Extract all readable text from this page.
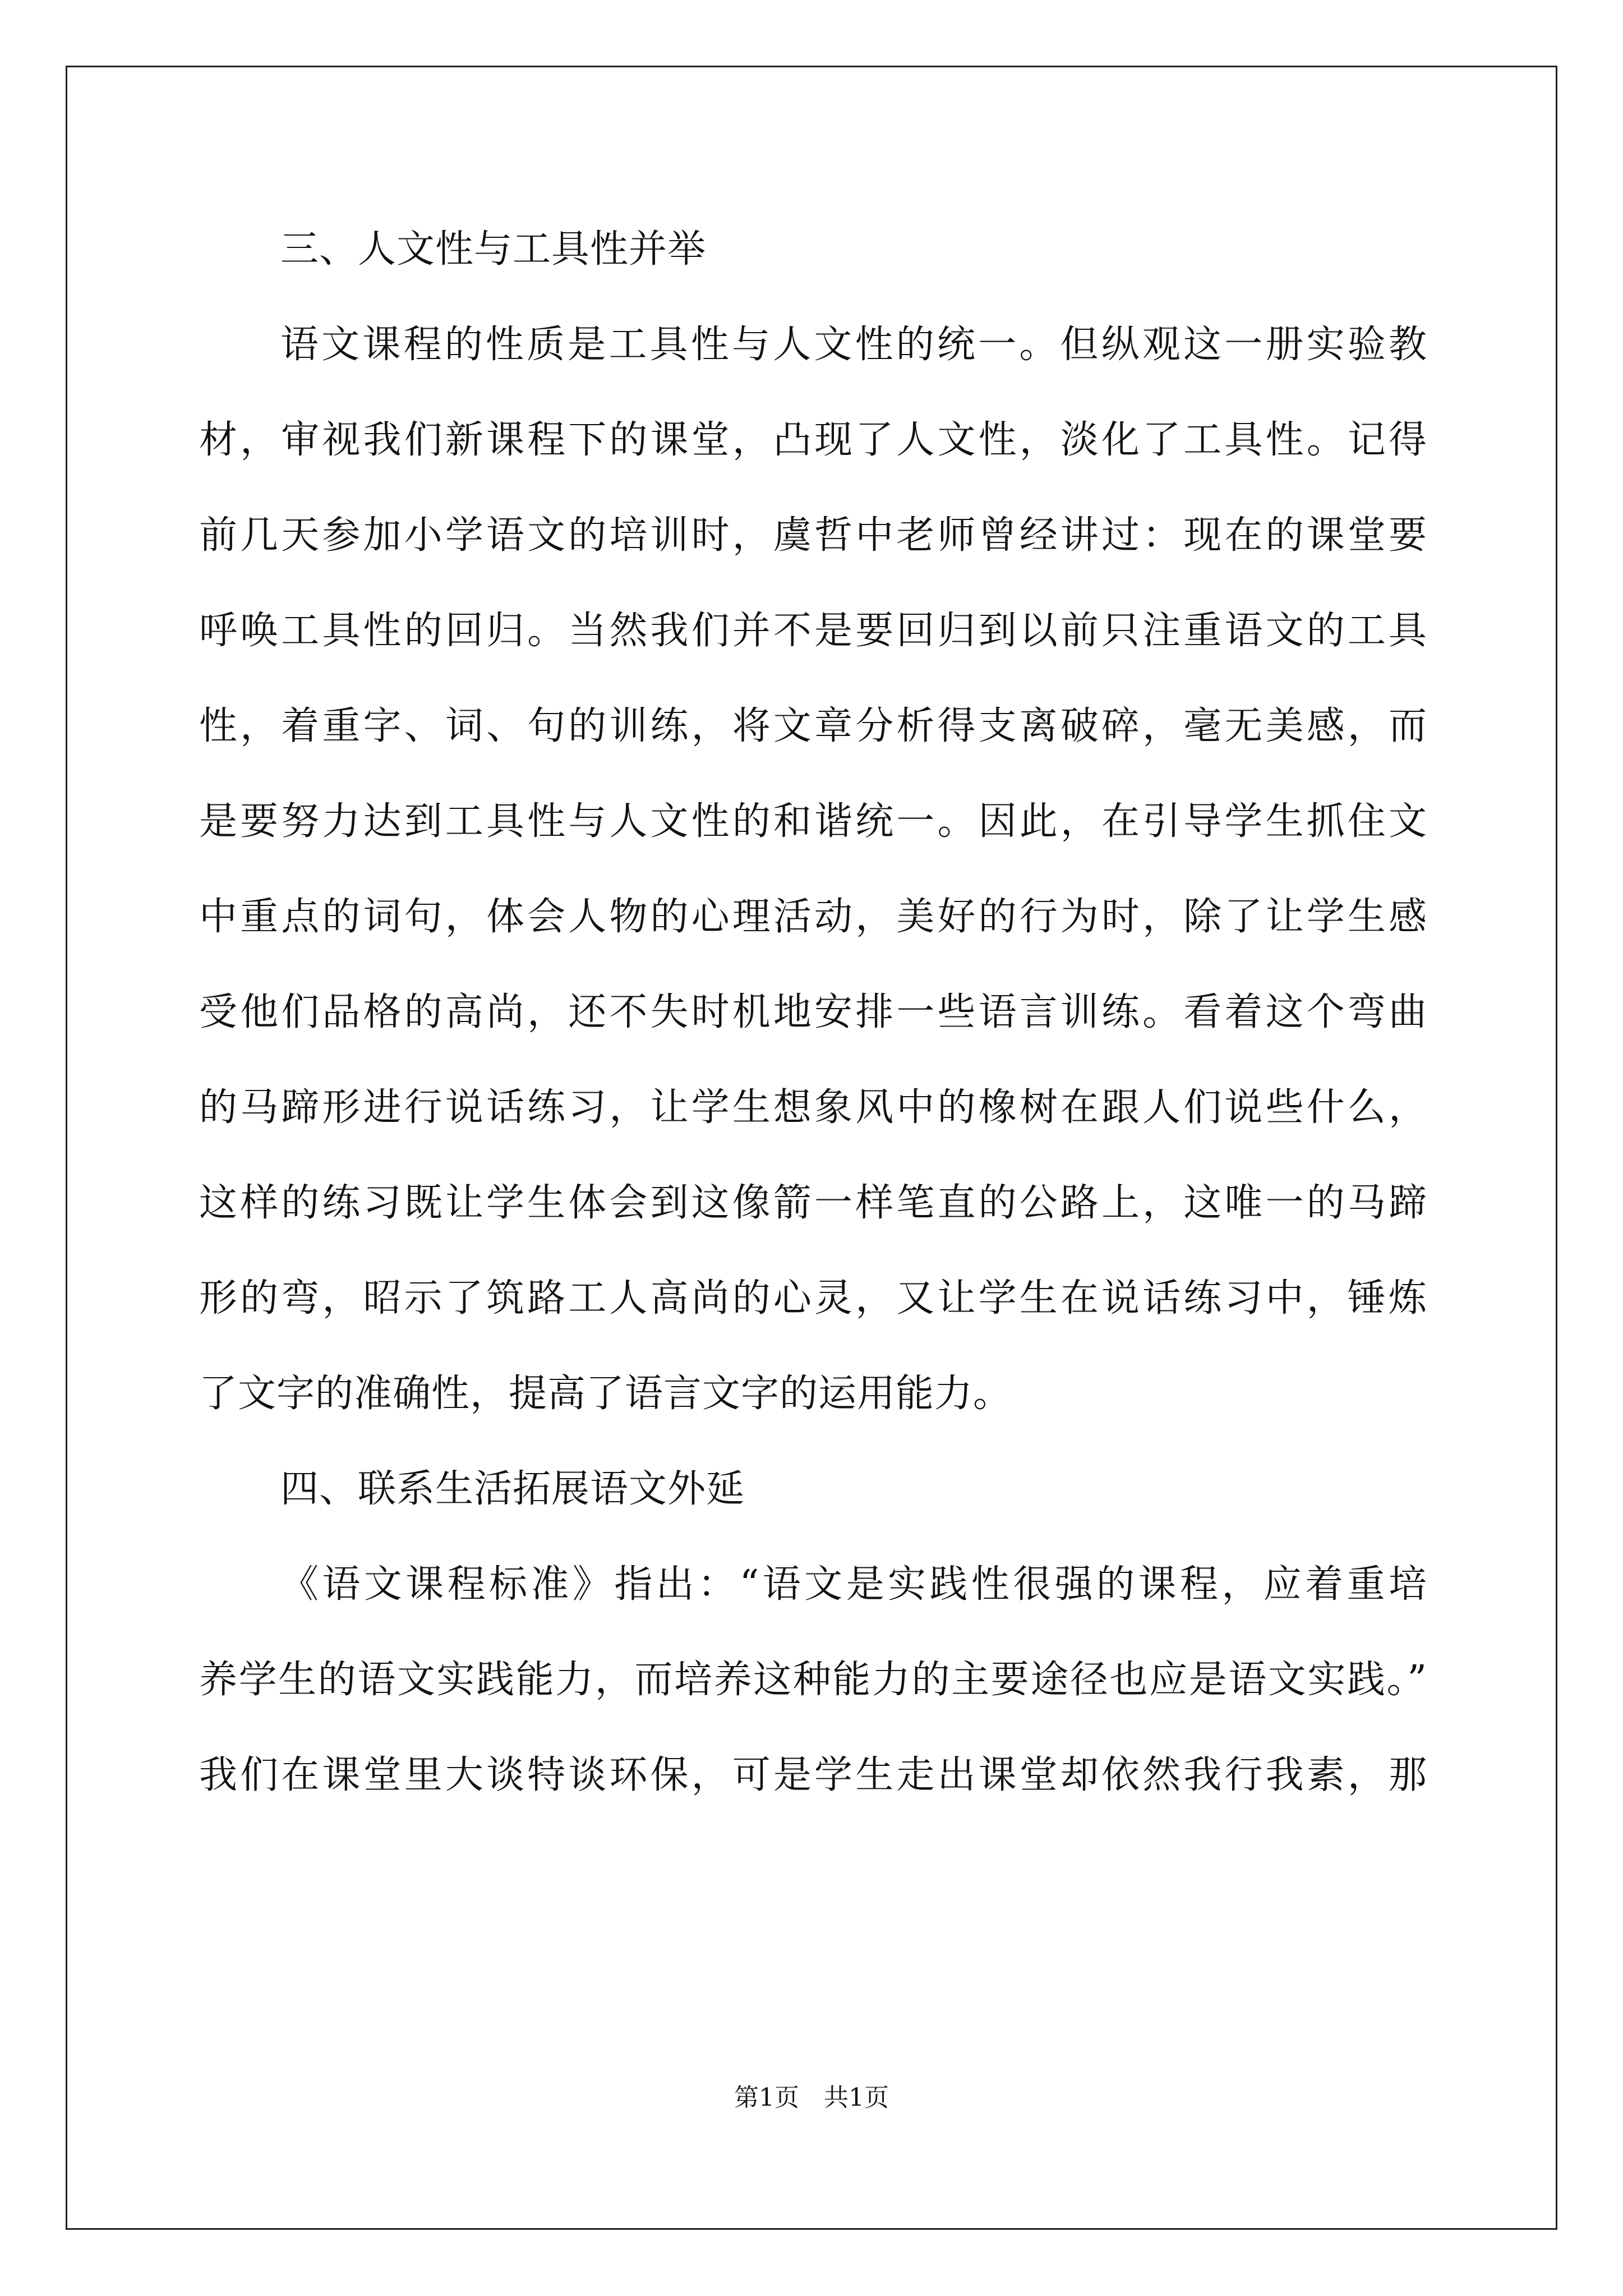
三、人文性与工具性并举
语文课程的性质是工具性与人文性的统一。但纵观这一册实验教
材，审视我们新课程下的课堂，凸现了人文性，淡化了工具性。记得
前几天参加小学语文的培训时，虞哲中老师曾经讲过：现在的课堂要
呼唤工具性的回归。当然我们并不是要回归到以前只注重语文的工具
性，着重字、词、句的训练，将文章分析得支离破碎，毫无美感，而
是要努力达到工具性与人文性的和谐统一。因此，在引导学生抓住文
中重点的词句，体会人物的心理活动，美好的行为时，除了让学生感
受他们品格的高尚，还不失时机地安排一些语言训练。看着这个弯曲
的马蹄形进行说话练习，让学生想象风中的橡树在跟人们说些什么，
这样的练习既让学生体会到这像箭一样笔直的公路上，这唯一的马蹄
形的弯，昭示了筑路工人高尚的心灵，又让学生在说话练习中，锤炼
了文字的准确性，提高了语言文字的运用能力。
四、联系生活拓展语文外延
《语文课程标准》指出：“语文是实践性很强的课程，应着重培
养学生的语文实践能力，而培养这种能力的主要途径也应是语文实践。”
我们在课堂里大谈特谈环保，可是学生走出课堂却依然我行我素，那
第1页　共1页
